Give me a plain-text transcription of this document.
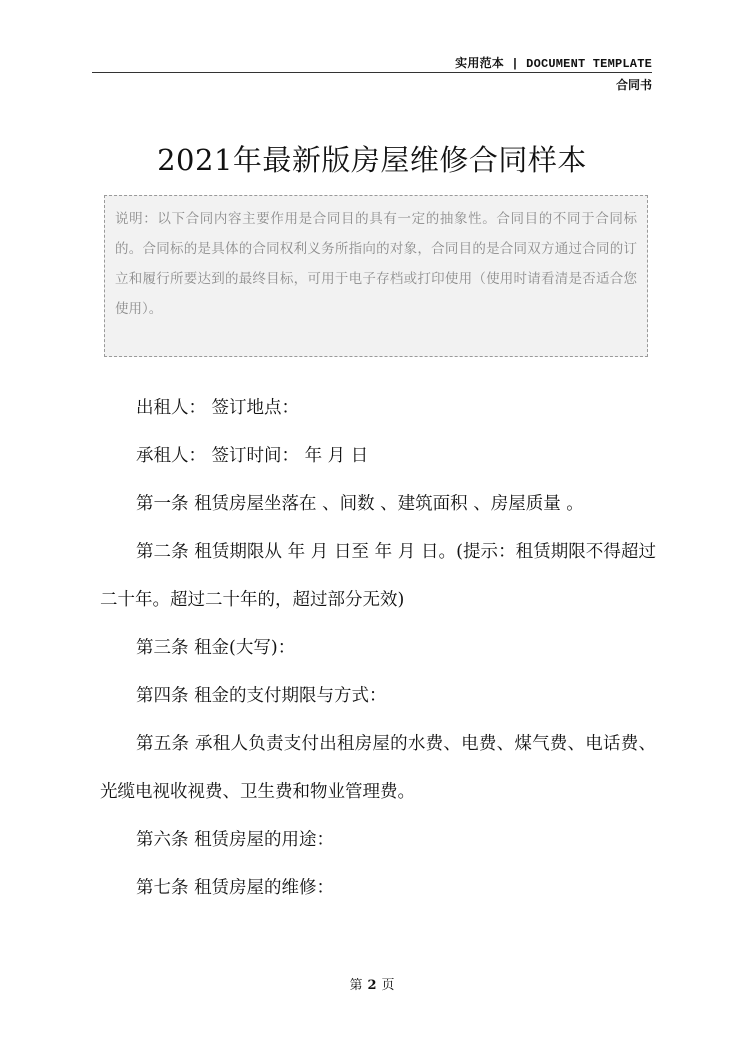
实用范本 | DOCUMENT TEMPLATE
合同书
2021年最新版房屋维修合同样本
说明：以下合同内容主要作用是合同目的具有一定的抽象性。合同目的不同于合同标的。合同标的是具体的合同权利义务所指向的对象，合同目的是合同双方通过合同的订立和履行所要达到的最终目标，可用于电子存档或打印使用（使用时请看清是否适合您使用）。

出租人： 签订地点：

承租人： 签订时间： 年 月 日

第一条 租赁房屋坐落在 、间数 、建筑面积 、房屋质量 。

第二条 租赁期限从 年 月 日至 年 月 日。(提示：租赁期限不得超过二十年。超过二十年的，超过部分无效)

第三条 租金(大写)：

第四条 租金的支付期限与方式：

第五条 承租人负责支付出租房屋的水费、电费、煤气费、电话费、光缆电视收视费、卫生费和物业管理费。

第六条 租赁房屋的用途：

第七条 租赁房屋的维修：

第 2 页
